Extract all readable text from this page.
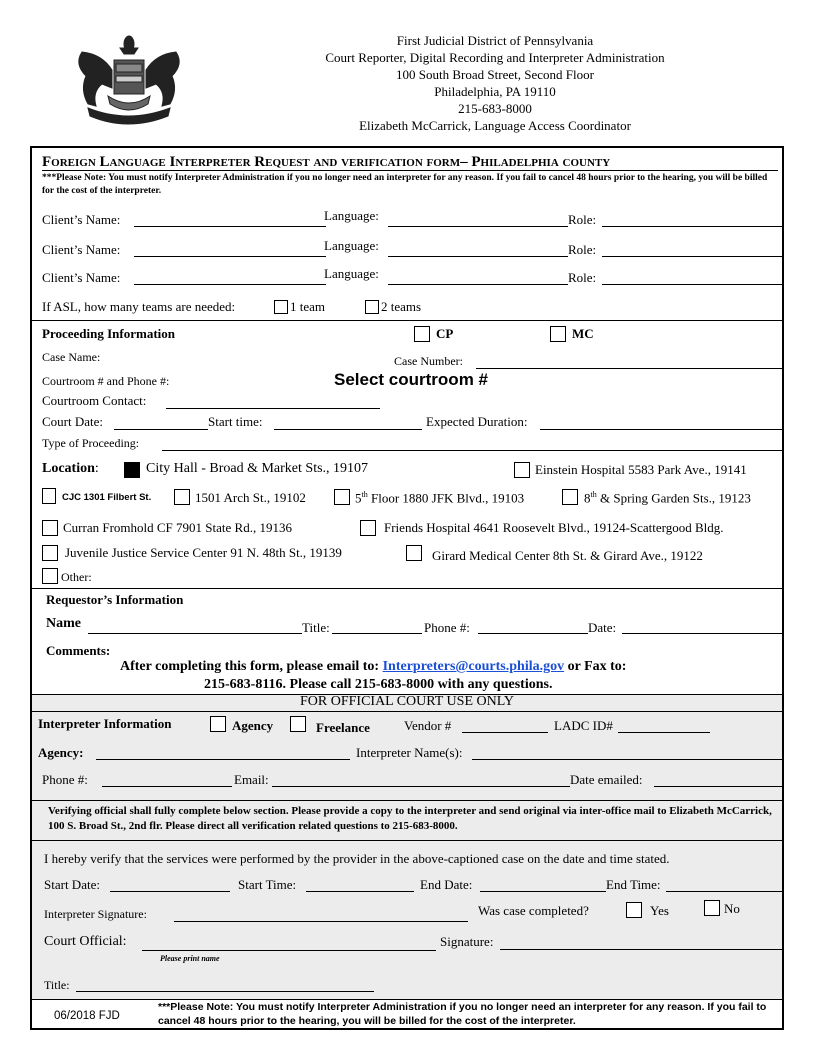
First Judicial District of Pennsylvania
Court Reporter, Digital Recording and Interpreter Administration
100 South Broad Street, Second Floor
Philadelphia, PA 19110
215-683-8000
Elizabeth McCarrick, Language Access Coordinator
Foreign Language Interpreter Request and verification form– Philadelphia county
***Please Note: You must notify Interpreter Administration if you no longer need an interpreter for any reason. If you fail to cancel 48 hours prior to the hearing, you will be billed for the cost of the interpreter.
Client’s Name:	Language:	Role:
Client’s Name:	Language:	Role:
Client’s Name:	Language:	Role:
If ASL, how many teams are needed:	1 team	2 teams
Proceeding Information	CP	MC
Case Name:	Case Number:
Courtroom # and Phone #:	Select courtroom #
Courtroom Contact:
Court Date:	Start time:	Expected Duration:
Type of Proceeding:
Location:	City Hall - Broad & Market Sts., 19107	Einstein Hospital 5583 Park Ave., 19141
CJC 1301 Filbert St.	1501 Arch St., 19102	5th Floor 1880 JFK Blvd., 19103	8th & Spring Garden Sts., 19123
Curran Fromhold CF 7901 State Rd., 19136	Friends Hospital 4641 Roosevelt Blvd., 19124-Scattergood Bldg.
Juvenile Justice Service Center 91 N. 48th St., 19139	Girard Medical Center 8th St. & Girard Ave., 19122
Other:
Requestor’s Information
Name	Title:	Phone #:	Date:
Comments:
After completing this form, please email to: Interpreters@courts.phila.gov or Fax to:
215-683-8116. Please call 215-683-8000 with any questions.
FOR OFFICIAL COURT USE ONLY
Interpreter Information	Agency	Freelance	Vendor #	LADC ID#
Agency:	Interpreter Name(s):
Phone #:	Email:	Date emailed:
Verifying official shall fully complete below section. Please provide a copy to the interpreter and send original via inter-office mail to Elizabeth McCarrick, 100 S. Broad St., 2nd flr. Please direct all verification related questions to 215-683-8000.
I hereby verify that the services were performed by the provider in the above-captioned case on the date and time stated.
Start Date:	Start Time:	End Date:	End Time:
Interpreter Signature:	Was case completed?	Yes	No
Court Official:
Please print name
Signature:
Title:
06/2018 FJD
***Please Note: You must notify Interpreter Administration if you no longer need an interpreter for any reason. If you fail to cancel 48 hours prior to the hearing, you will be billed for the cost of the interpreter.
